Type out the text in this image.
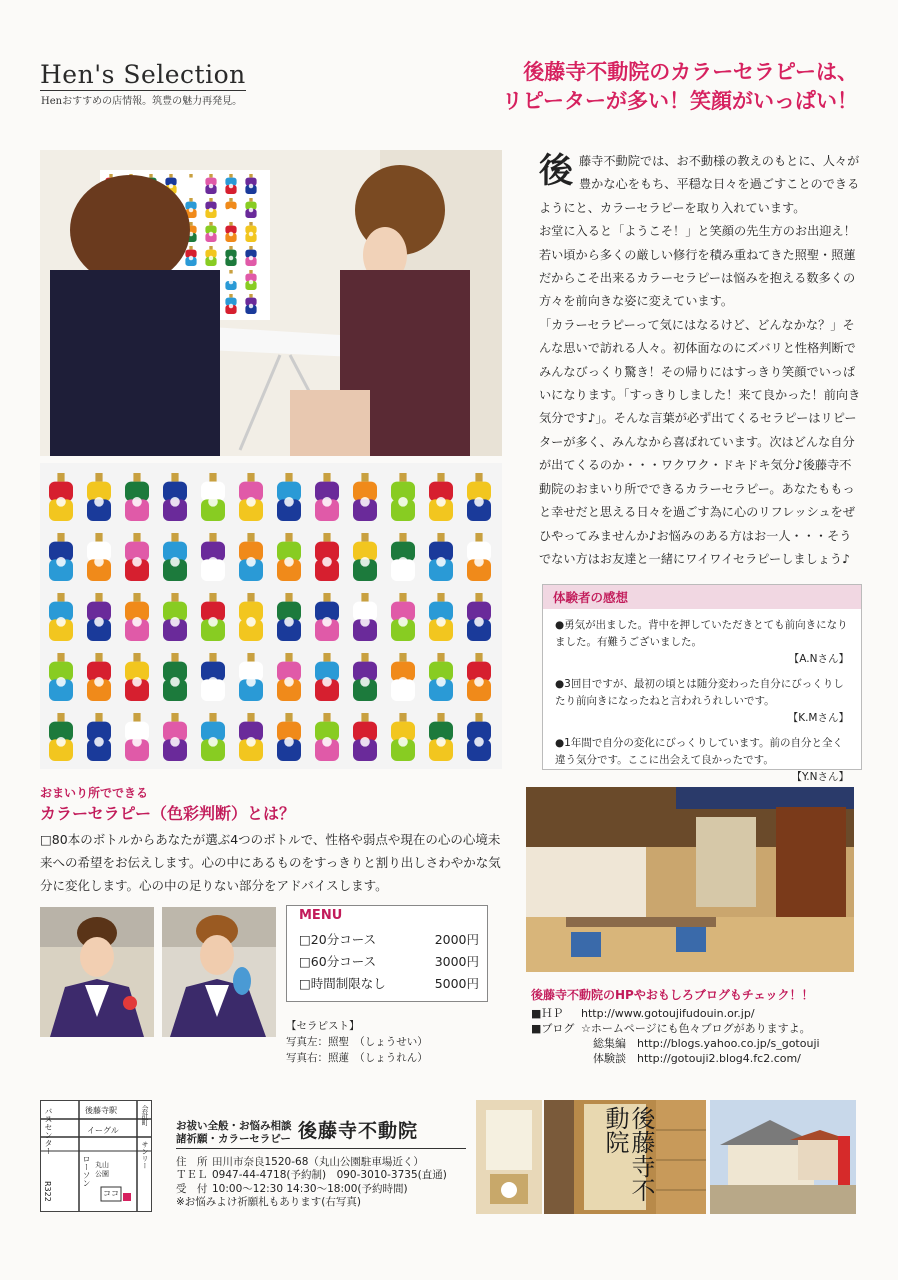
Hen's Selection
Henおすすめの店情報。筑豊の魅力再発見。
後藤寺不動院のカラーセラピーは、
リピーターが多い！笑顔がいっぱい！
後 藤寺不動院では、お不動様の教えのもとに、人々が豊かな心をもち、平穏な日々を過ごすことのできるようにと、カラーセラピーを取り入れています。
お堂に入ると「ようこそ！」と笑顔の先生方のお出迎え！若い頃から多くの厳しい修行を積み重ねてきた照聖・照蓮だからこそ出来るカラーセラピーは悩みを抱える数多くの方々を前向きな姿に変えています。
「カラーセラピーって気にはなるけど、どんなかな？」そんな思いで訪れる人々。初体面なのにズバリと性格判断でみんなびっくり驚き！その帰りにはすっきり笑顔でいっぱいになります。「すっきりしました！来て良かった！前向き気分です♪」。そんな言葉が必ず出てくるセラピーはリピーターが多く、みんなから喜ばれています。次はどんな自分が出てくるのか・・・ワクワク・ドキドキ気分♪後藤寺不動院のおまいり所でできるカラーセラピー。あなたももっと幸せだと思える日々を過ごす為に心のリフレッシュをぜひやってみませんか♪お悩みのある方はお一人・・・そうでない方はお友達と一緒にワイワイセラピーしましょう♪
体験者の感想
●勇気が出ました。背中を押していただきとても前向きになりました。有難うございました。
【A.Nさん】
●3回目ですが、最初の頃とは随分変わった自分にびっくりしたり前向きになったねと言われうれしいです。
【K.Mさん】
●1年間で自分の変化にびっくりしています。前の自分と全く違う気分です。ここに出会えて良かったです。
【Y.Nさん】
おまいり所でできる
カラーセラピー（色彩判断）とは？
□80本のボトルからあなたが選ぶ4つのボトルで、性格や弱点や現在の心の心境未来への希望をお伝えします。心の中にあるものをすっきりと割り出しさわやかな気分に変化します。心の中の足りない部分をアドバイスします。
MENU
□20分コース	2000円
□60分コース	3000円
□時間制限なし	5000円
【セラピスト】
写真左：照聖　（しょうせい）
写真右：照蓮　（しょうれん）
後藤寺不動院のHPやおもしろブログもチェック！！
■ＨＰ	http://www.gotoujifudouin.or.jp/
■ブログ ☆ホームページにも色々ブログがありますよ。
総集編　http://blogs.yahoo.co.jp/s_gotouji
体験談　http://gotouji2.blog4.fc2.com/
バスセンター	後藤寺駅
イーグル
ローソン 丸山公園
ココ
R322
会計町
サンリー
お祓い全般・お悩み相談
諸祈願・カラーセラピー 後藤寺不動院
住　所 田川市奈良1520-68（丸山公園駐車場近く）
ＴＥＬ 0947-44-4718(予約制)　090-3010-3735(直通)
受　付 10:00～12:30 14:30～18:00(予約時間)
※お悩みよけ祈願札もあります(右写真)
後藤寺不動院
